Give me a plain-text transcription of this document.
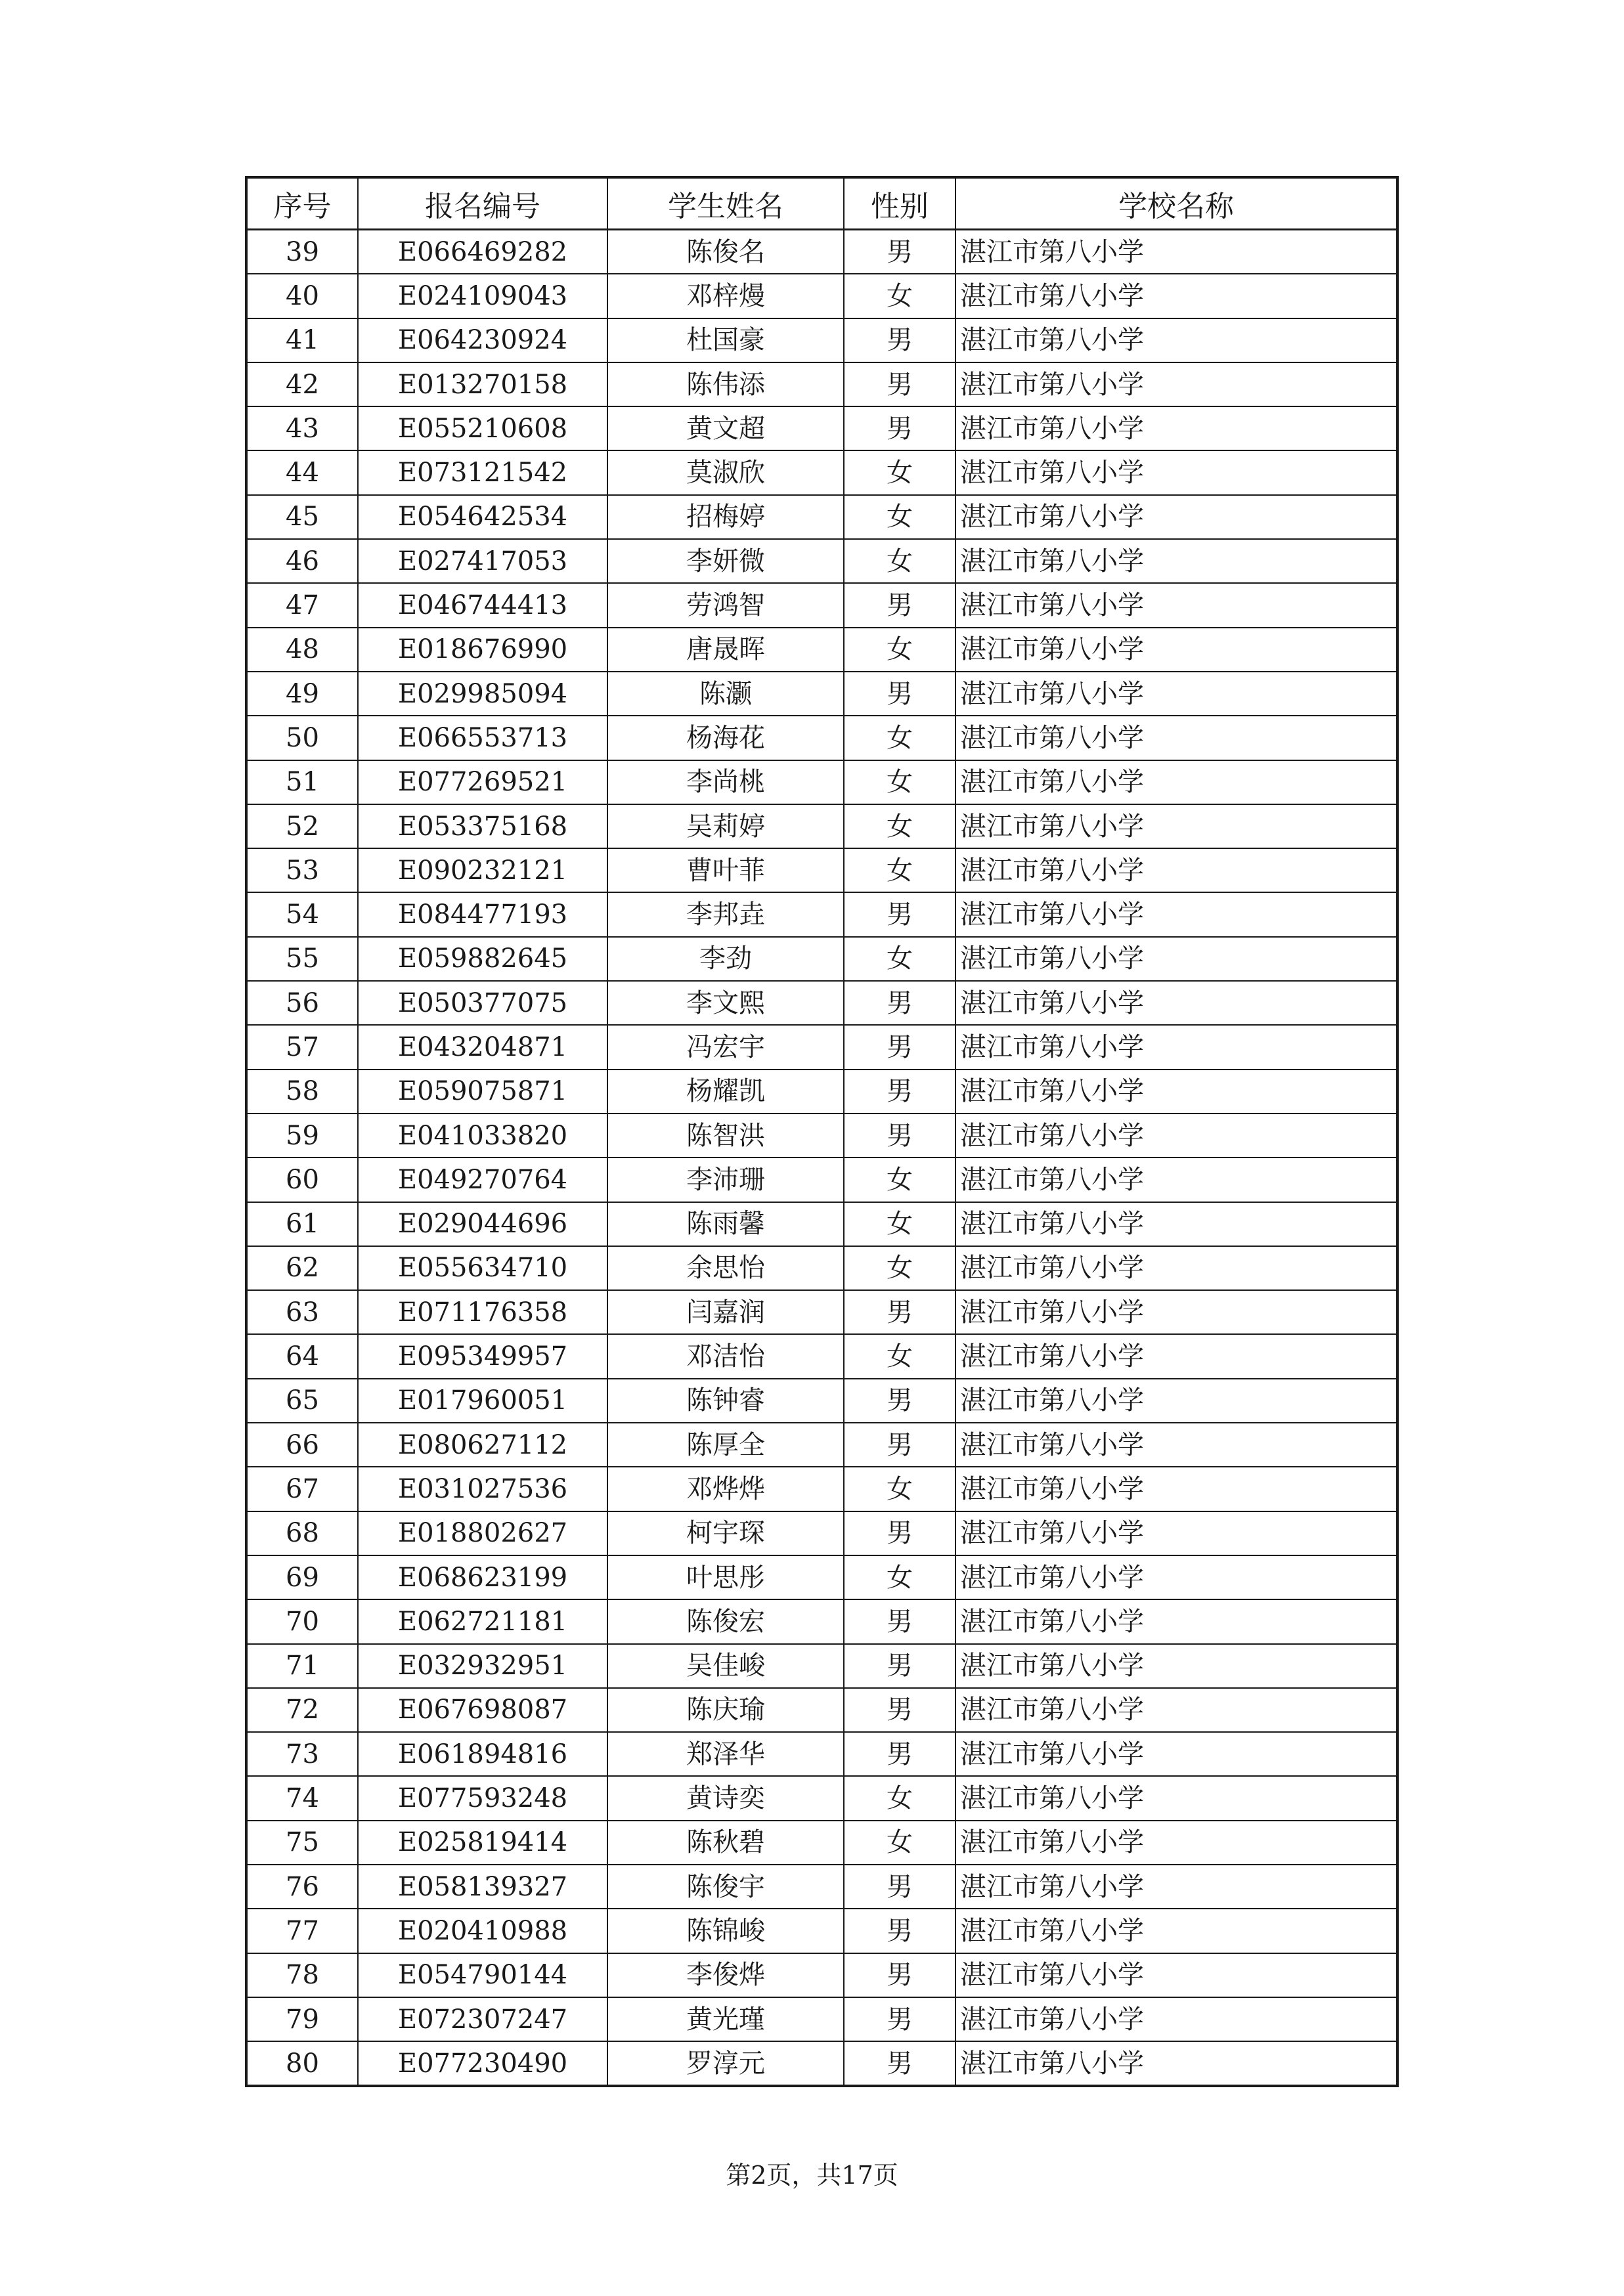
序号	报名编号	学生姓名	性别	学校名称
39	E066469282	陈俊名	男	湛江市第八小学
40	E024109043	邓梓熳	女	湛江市第八小学
41	E064230924	杜国豪	男	湛江市第八小学
42	E013270158	陈伟添	男	湛江市第八小学
43	E055210608	黄文超	男	湛江市第八小学
44	E073121542	莫淑欣	女	湛江市第八小学
45	E054642534	招梅婷	女	湛江市第八小学
46	E027417053	李妍微	女	湛江市第八小学
47	E046744413	劳鸿智	男	湛江市第八小学
48	E018676990	唐晟晖	女	湛江市第八小学
49	E029985094	陈灏	男	湛江市第八小学
50	E066553713	杨海花	女	湛江市第八小学
51	E077269521	李尚桃	女	湛江市第八小学
52	E053375168	吴莉婷	女	湛江市第八小学
53	E090232121	曹叶菲	女	湛江市第八小学
54	E084477193	李邦垚	男	湛江市第八小学
55	E059882645	李劲	女	湛江市第八小学
56	E050377075	李文熙	男	湛江市第八小学
57	E043204871	冯宏宇	男	湛江市第八小学
58	E059075871	杨耀凯	男	湛江市第八小学
59	E041033820	陈智洪	男	湛江市第八小学
60	E049270764	李沛珊	女	湛江市第八小学
61	E029044696	陈雨馨	女	湛江市第八小学
62	E055634710	余思怡	女	湛江市第八小学
63	E071176358	闫嘉润	男	湛江市第八小学
64	E095349957	邓洁怡	女	湛江市第八小学
65	E017960051	陈钟睿	男	湛江市第八小学
66	E080627112	陈厚全	男	湛江市第八小学
67	E031027536	邓烨烨	女	湛江市第八小学
68	E018802627	柯宇琛	男	湛江市第八小学
69	E068623199	叶思彤	女	湛江市第八小学
70	E062721181	陈俊宏	男	湛江市第八小学
71	E032932951	吴佳峻	男	湛江市第八小学
72	E067698087	陈庆瑜	男	湛江市第八小学
73	E061894816	郑泽华	男	湛江市第八小学
74	E077593248	黄诗奕	女	湛江市第八小学
75	E025819414	陈秋碧	女	湛江市第八小学
76	E058139327	陈俊宇	男	湛江市第八小学
77	E020410988	陈锦峻	男	湛江市第八小学
78	E054790144	李俊烨	男	湛江市第八小学
79	E072307247	黄光瑾	男	湛江市第八小学
80	E077230490	罗淳元	男	湛江市第八小学
第2页，共17页
